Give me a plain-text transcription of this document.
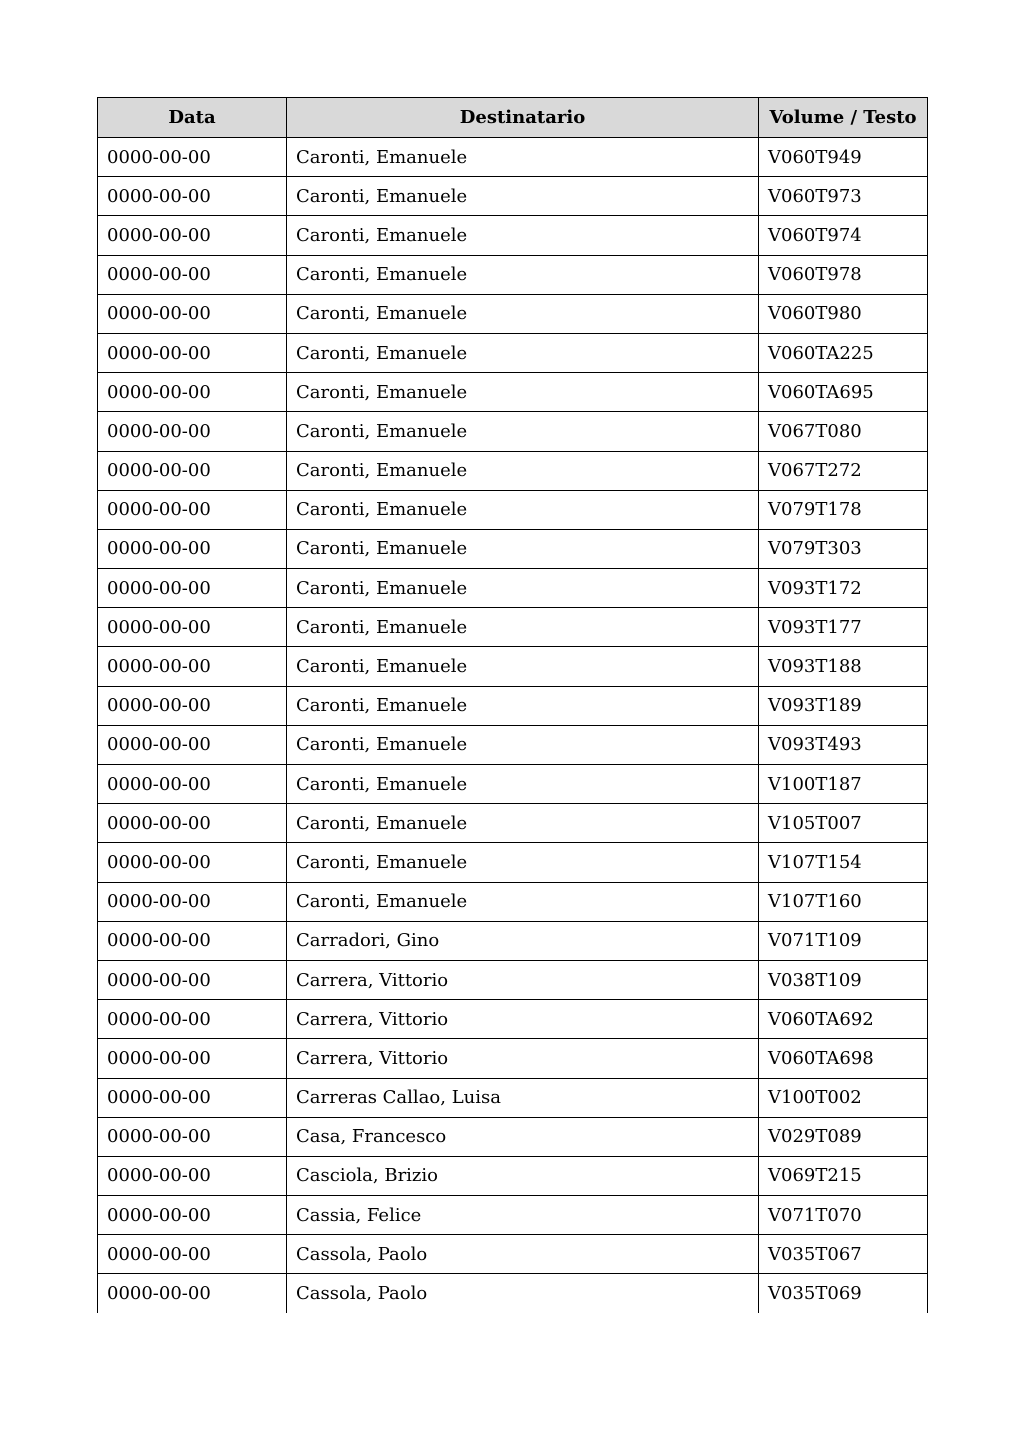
Data	Destinatario	Volume / Testo
0000-00-00	Caronti, Emanuele	V060T949
0000-00-00	Caronti, Emanuele	V060T973
0000-00-00	Caronti, Emanuele	V060T974
0000-00-00	Caronti, Emanuele	V060T978
0000-00-00	Caronti, Emanuele	V060T980
0000-00-00	Caronti, Emanuele	V060TA225
0000-00-00	Caronti, Emanuele	V060TA695
0000-00-00	Caronti, Emanuele	V067T080
0000-00-00	Caronti, Emanuele	V067T272
0000-00-00	Caronti, Emanuele	V079T178
0000-00-00	Caronti, Emanuele	V079T303
0000-00-00	Caronti, Emanuele	V093T172
0000-00-00	Caronti, Emanuele	V093T177
0000-00-00	Caronti, Emanuele	V093T188
0000-00-00	Caronti, Emanuele	V093T189
0000-00-00	Caronti, Emanuele	V093T493
0000-00-00	Caronti, Emanuele	V100T187
0000-00-00	Caronti, Emanuele	V105T007
0000-00-00	Caronti, Emanuele	V107T154
0000-00-00	Caronti, Emanuele	V107T160
0000-00-00	Carradori, Gino	V071T109
0000-00-00	Carrera, Vittorio	V038T109
0000-00-00	Carrera, Vittorio	V060TA692
0000-00-00	Carrera, Vittorio	V060TA698
0000-00-00	Carreras Callao, Luisa	V100T002
0000-00-00	Casa, Francesco	V029T089
0000-00-00	Casciola, Brizio	V069T215
0000-00-00	Cassia, Felice	V071T070
0000-00-00	Cassola, Paolo	V035T067
0000-00-00	Cassola, Paolo	V035T069
